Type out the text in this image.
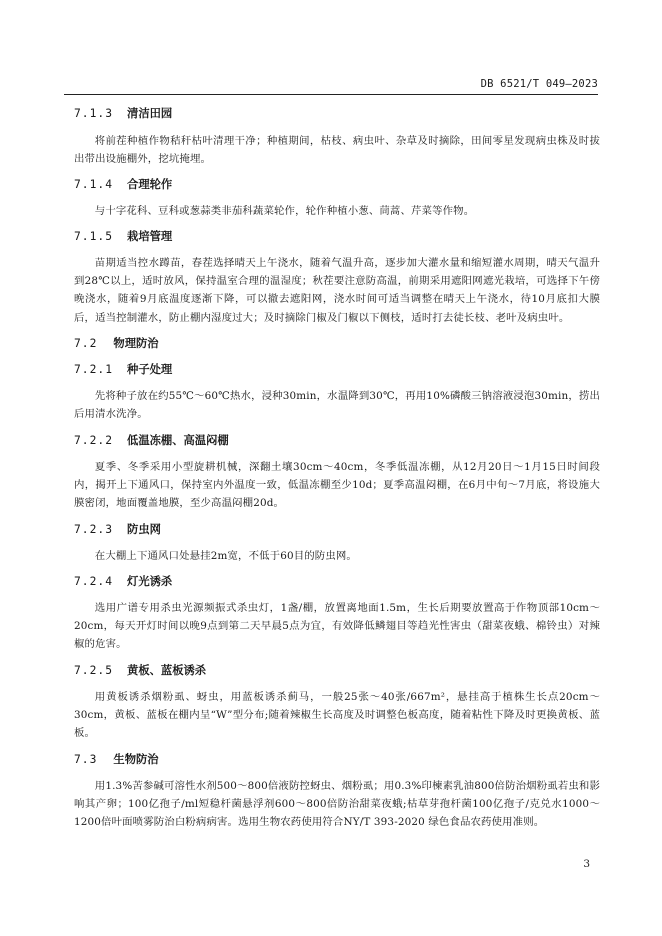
DB 6521/T 049—2023
7.1.3 清洁田园

将前茬种植作物秸秆枯叶清理干净；种植期间，枯枝、病虫叶、杂草及时摘除，田间零星发现病虫株及时拔出带出设施棚外，挖坑掩埋。

7.1.4 合理轮作

与十字花科、豆科或葱蒜类非茄科蔬菜轮作，轮作种植小葱、茼蒿、芹菜等作物。

7.1.5 栽培管理

苗期适当控水蹲苗，春茬选择晴天上午浇水，随着气温升高，逐步加大灌水量和缩短灌水周期，晴天气温升到28℃以上，适时放风，保持温室合理的温湿度；秋茬要注意防高温，前期采用遮阳网遮光栽培，可选择下午傍晚浇水，随着9月底温度逐渐下降，可以撤去遮阳网，浇水时间可适当调整在晴天上午浇水，待10月底扣大膜后，适当控制灌水，防止棚内湿度过大；及时摘除门椒及门椒以下侧枝，适时打去徒长枝、老叶及病虫叶。

7.2 物理防治
7.2.1 种子处理

先将种子放在约55℃～60℃热水，浸种30min，水温降到30℃，再用10%磷酸三钠溶液浸泡30min，捞出后用清水洗净。

7.2.2 低温冻棚、高温闷棚

夏季、冬季采用小型旋耕机械，深翻土壤30cm～40cm，冬季低温冻棚，从12月20日～1月15日时间段内，揭开上下通风口，保持室内外温度一致，低温冻棚至少10d；夏季高温闷棚，在6月中旬～7月底，将设施大膜密闭，地面覆盖地膜，至少高温闷棚20d。

7.2.3 防虫网

在大棚上下通风口处悬挂2m宽，不低于60目的防虫网。

7.2.4 灯光诱杀

选用广谱专用杀虫光源频振式杀虫灯，1盏/棚，放置离地面1.5m，生长后期要放置高于作物顶部10cm～20cm，每天开灯时间以晚9点到第二天早晨5点为宜，有效降低鳞翅目等趋光性害虫（甜菜夜蛾、棉铃虫）对辣椒的危害。

7.2.5 黄板、蓝板诱杀

用黄板诱杀烟粉虱、蚜虫，用蓝板诱杀蓟马，一般25张～40张/667m²，悬挂高于植株生长点20cm～30cm，黄板、蓝板在棚内呈“W”型分布;随着辣椒生长高度及时调整色板高度，随着粘性下降及时更换黄板、蓝板。

7.3 生物防治

用1.3%苦参碱可溶性水剂500～800倍液防控蚜虫、烟粉虱；用0.3%印楝素乳油800倍防治烟粉虱若虫和影响其产卵；100亿孢子/ml短稳杆菌悬浮剂600～800倍防治甜菜夜蛾;枯草芽孢杆菌100亿孢子/克兑水1000～1200倍叶面喷雾防治白粉病病害。选用生物农药使用符合NY/T 393-2020 绿色食品农药使用准则。

3
